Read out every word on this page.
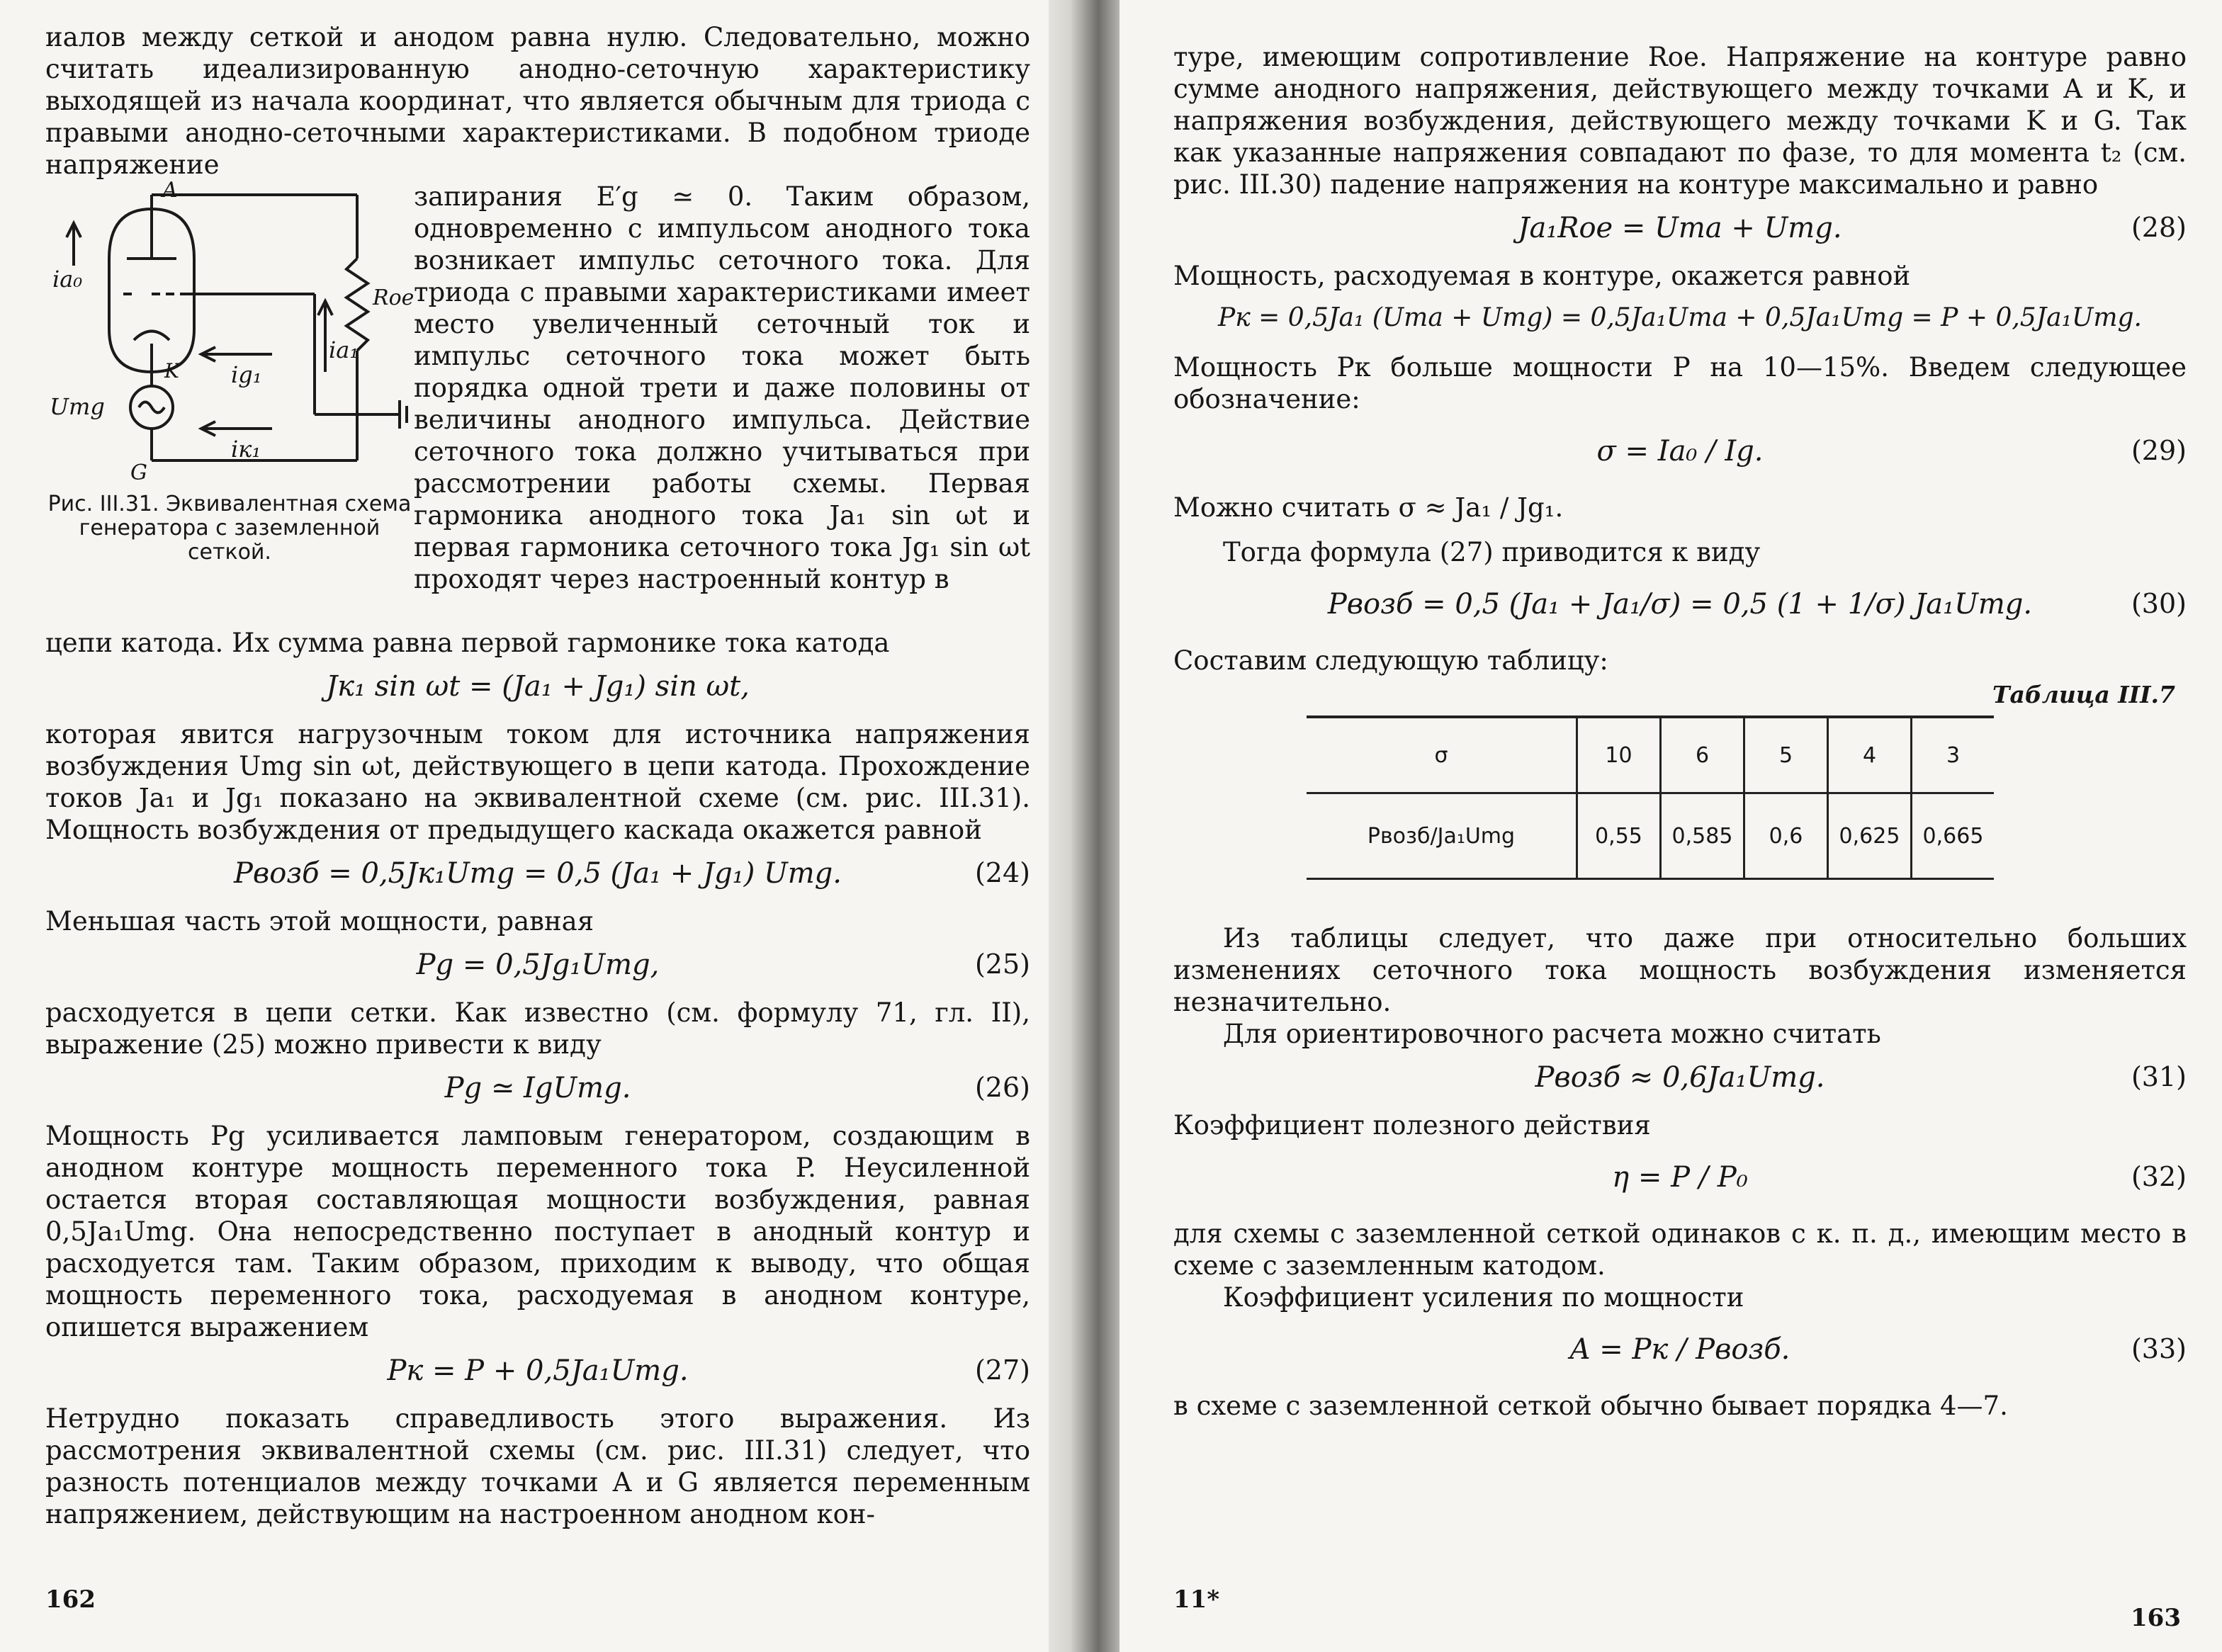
иалов между сеткой и анодом равна нулю. Следовательно, можно считать идеализированную анодно-сеточную характеристику выходящей из начала координат, что является обычным для триода с правыми анодно-сеточными характеристиками. В подобном триоде напряжение

ia₀
A
ia₁
Roe
ig₁
K
Umg
iк₁
G
Рис. III.31. Эквивалентная схема генератора с заземленной сеткой.

запирания E′g ≃ 0. Таким образом, одновременно с импульсом анодного тока возникает импульс сеточного тока. Для триода с правыми характеристиками имеет место увеличенный сеточный ток и импульс сеточного тока может быть порядка одной трети и даже половины от величины анодного импульса. Действие сеточного тока должно учитываться при рассмотрении работы схемы. Первая гармоника анодного тока Ja₁ sin ωt и первая гармоника сеточного тока Jg₁ sin ωt проходят через настроенный контур в

цепи катода. Их сумма равна первой гармонике тока катода

Jк₁ sin ωt = (Ja₁ + Jg₁) sin ωt,

которая явится нагрузочным током для источника напряжения возбуждения Umg sin ωt, действующего в цепи катода. Прохождение токов Ja₁ и Jg₁ показано на эквивалентной схеме (см. рис. III.31). Мощность возбуждения от предыдущего каскада окажется равной

Pвозб = 0,5Jк₁Umg = 0,5 (Ja₁ + Jg₁) Umg.	(24)

Меньшая часть этой мощности, равная

Pg = 0,5Jg₁Umg,	(25)

расходуется в цепи сетки. Как известно (см. формулу 71, гл. II), выражение (25) можно привести к виду

Pg ≃ IgUmg.	(26)

Мощность Pg усиливается ламповым генератором, создающим в анодном контуре мощность переменного тока P. Неусиленной остается вторая составляющая мощности возбуждения, равная 0,5Ja₁Umg. Она непосредственно поступает в анодный контур и расходуется там. Таким образом, приходим к выводу, что общая мощность переменного тока, расходуемая в анодном контуре, опишется выражением

Pк = P + 0,5Ja₁Umg.	(27)

Нетрудно показать справедливость этого выражения. Из рассмотрения эквивалентной схемы (см. рис. III.31) следует, что разность потенциалов между точками A и G является переменным напряжением, действующим на настроенном анодном кон-

162

туре, имеющим сопротивление Roe. Напряжение на контуре равно сумме анодного напряжения, действующего между точками A и K, и напряжения возбуждения, действующего между точками K и G. Так как указанные напряжения совпадают по фазе, то для момента t₂ (см. рис. III.30) падение напряжения на контуре максимально и равно

Ja₁Roe = Uma + Umg.	(28)

Мощность, расходуемая в контуре, окажется равной

Pк = 0,5Ja₁ (Uma + Umg) = 0,5Ja₁Uma + 0,5Ja₁Umg = P + 0,5Ja₁Umg.

Мощность Pк больше мощности P на 10—15%. Введем следующее обозначение:

σ = Ia₀ / Ig.	(29)

Можно считать σ ≈ Ja₁ / Jg₁.

Тогда формула (27) приводится к виду

Pвозб = 0,5 (Ja₁ + Ja₁/σ) = 0,5 (1 + 1/σ) Ja₁Umg.	(30)

Составим следующую таблицу:

Таблица III.7
σ	10	6	5	4	3
Pвозб/Ja₁Umg	0,55	0,585	0,6	0,625	0,665

Из таблицы следует, что даже при относительно больших изменениях сеточного тока мощность возбуждения изменяется незначительно.

Для ориентировочного расчета можно считать

Pвозб ≈ 0,6Ja₁Umg.	(31)

Коэффициент полезного действия

η = P / P₀	(32)

для схемы с заземленной сеткой одинаков с к. п. д., имеющим место в схеме с заземленным катодом.

Коэффициент усиления по мощности

A = Pк / Pвозб.	(33)

в схеме с заземленной сеткой обычно бывает порядка 4—7.

11*
163
